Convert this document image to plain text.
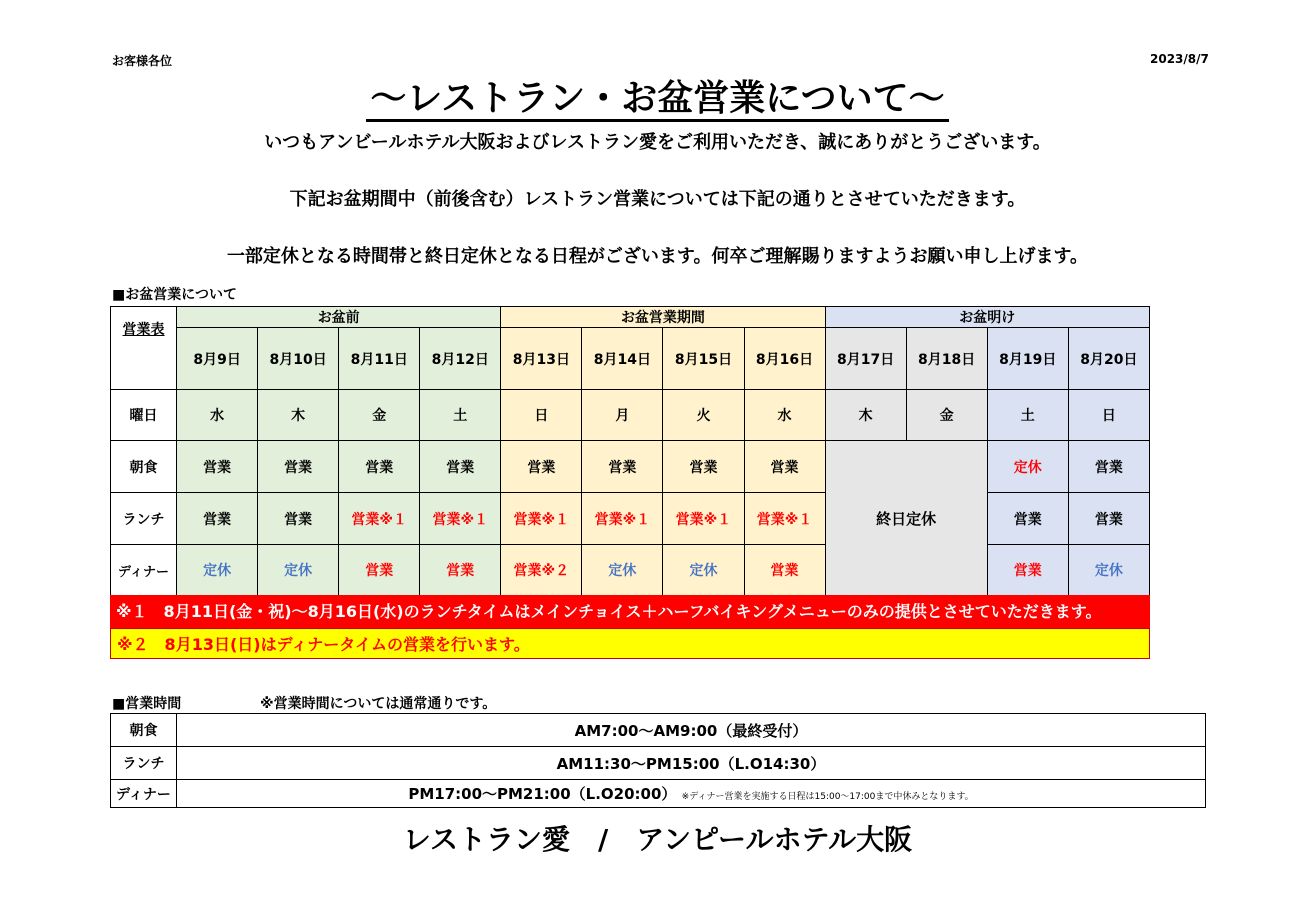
お客様各位	2023/8/7
〜レストラン・お盆営業について〜
いつもアンビールホテル大阪およびレストラン愛をご利用いただき、誠にありがとうございます。
下記お盆期間中（前後含む）レストラン営業については下記の通りとさせていただきます。
一部定休となる時間帯と終日定休となる日程がございます。何卒ご理解賜りますようお願い申し上げます。
■お盆営業について
営業表	お盆前				お盆営業期間				お盆明け			
	8月9日	8月10日	8月11日	8月12日	8月13日	8月14日	8月15日	8月16日	8月17日	8月18日	8月19日	8月20日
曜日	水	木	金	土	日	月	火	水	木	金	土	日
朝食	営業	営業	営業	営業	営業	営業	営業	営業	終日定休		定休	営業
ランチ	営業	営業	営業※１	営業※１	営業※１	営業※１	営業※１	営業※１			営業	営業
ディナー	定休	定休	営業	営業	営業※２	定休	定休	営業			営業	定休
※１　8月11日(金・祝)〜8月16日(水)のランチタイムはメインチョイス＋ハーフバイキングメニューのみの提供とさせていただきます。
※２　8月13日(日)はディナータイムの営業を行います。
■営業時間	※営業時間については通常通りです。
朝食	AM7:00〜AM9:00（最終受付）
ランチ	AM11:30〜PM15:00（L.O14:30）
ディナー	PM17:00〜PM21:00（L.O20:00） ※ディナー営業を実施する日程は15:00〜17:00まで中休みとなります。
レストラン愛　/　アンピールホテル大阪
